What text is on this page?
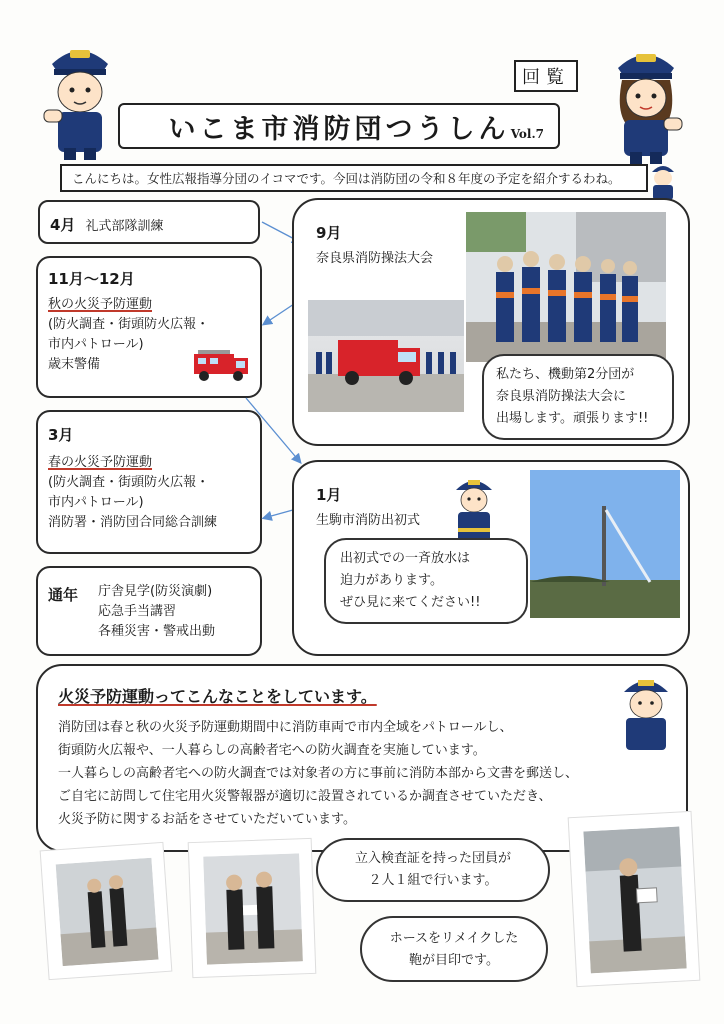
回覧
いこま市消防団つうしん Vol.7
こんにちは。女性広報指導分団のイコマです。今回は消防団の令和８年度の予定を紹介するわね。
4月 礼式部隊訓練
11月～12月
秋の火災予防運動
(防火調査・街頭防火広報・
市内パトロール)
歳末警備
3月
春の火災予防運動
(防火調査・街頭防火広報・
市内パトロール)
消防署・消防団合同総合訓練
通年 庁舎見学(防災演劇)
応急手当講習
各種災害・警戒出動
9月
奈良県消防操法大会
私たち、機動第2分団が
奈良県消防操法大会に
出場します。頑張ります!!
1月
生駒市消防出初式
出初式での一斉放水は
迫力があります。
ぜひ見に来てください!!
火災予防運動ってこんなことをしています。
消防団は春と秋の火災予防運動期間中に消防車両で市内全域をパトロールし、
街頭防火広報や、一人暮らしの高齢者宅への防火調査を実施しています。
一人暮らしの高齢者宅への防火調査では対象者の方に事前に消防本部から文書を郵送し、
ご自宅に訪問して住宅用火災警報器が適切に設置されているか調査させていただき、
火災予防に関するお話をさせていただいています。
立入検査証を持った団員が
２人１組で行います。
ホースをリメイクした
鞄が目印です。
